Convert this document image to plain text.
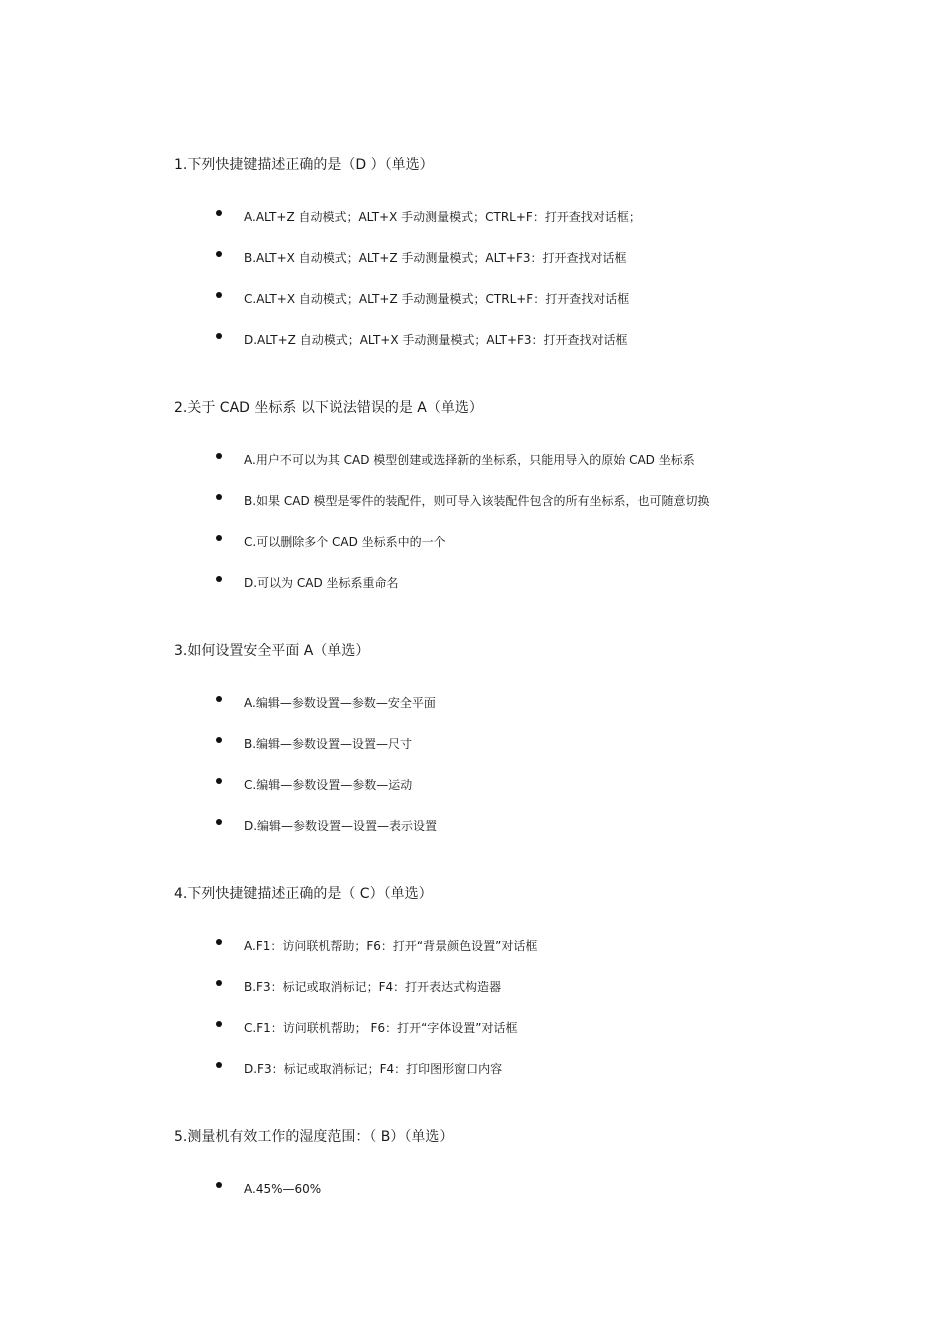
1.下列快捷键描述正确的是（D ）（单选）

A.ALT+Z 自动模式；ALT+X 手动测量模式；CTRL+F：打开查找对话框；
B.ALT+X 自动模式；ALT+Z 手动测量模式；ALT+F3：打开查找对话框
C.ALT+X 自动模式；ALT+Z 手动测量模式；CTRL+F：打开查找对话框
D.ALT+Z 自动模式；ALT+X 手动测量模式；ALT+F3：打开查找对话框

2.关于 CAD 坐标系 以下说法错误的是 A（单选）

A.用户不可以为其 CAD 模型创建或选择新的坐标系，只能用导入的原始 CAD 坐标系
B.如果 CAD 模型是零件的装配件，则可导入该装配件包含的所有坐标系，也可随意切换
C.可以删除多个 CAD 坐标系中的一个
D.可以为 CAD 坐标系重命名

3.如何设置安全平面 A（单选）

A.编辑—参数设置—参数—安全平面
B.编辑—参数设置—设置—尺寸
C.编辑—参数设置—参数—运动
D.编辑—参数设置—设置—表示设置

4.下列快捷键描述正确的是（ C）（单选）

A.F1：访问联机帮助；F6：打开“背景颜色设置”对话框
B.F3：标记或取消标记；F4：打开表达式构造器
C.F1：访问联机帮助； F6：打开“字体设置”对话框
D.F3：标记或取消标记；F4：打印图形窗口内容

5.测量机有效工作的湿度范围：（ B）（单选）

A.45%—60%
